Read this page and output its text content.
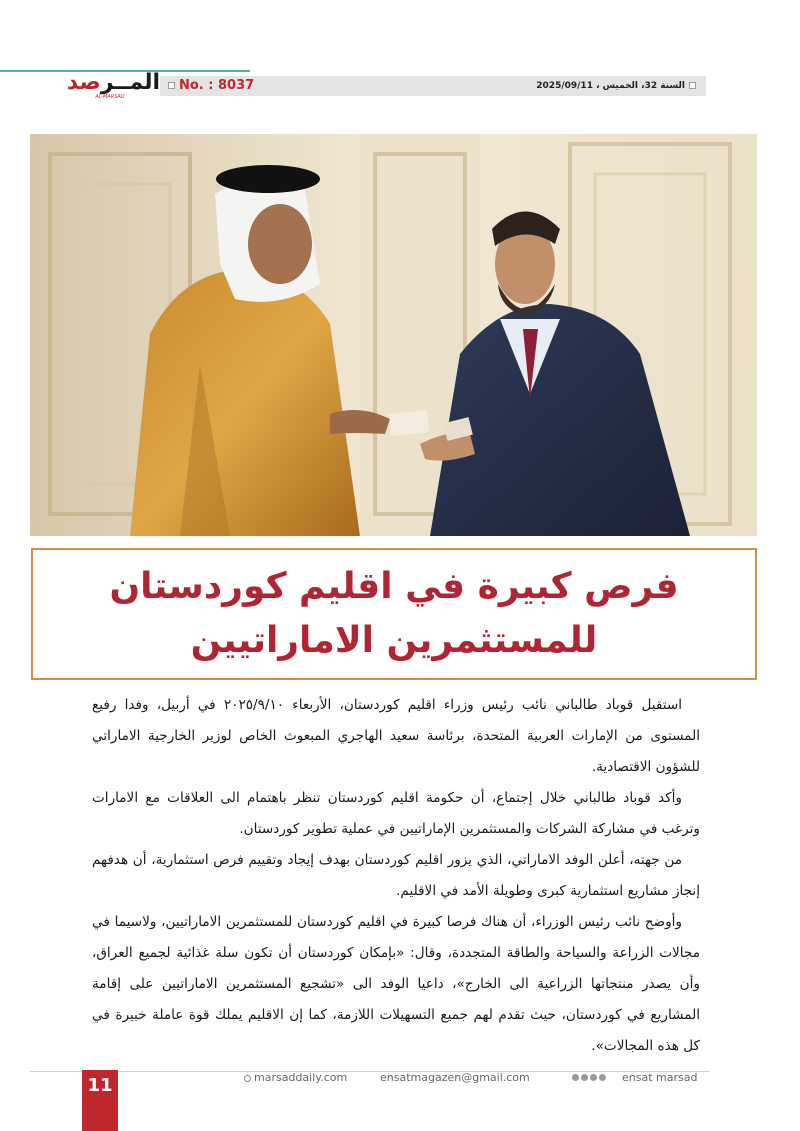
No. : 8037	السنة 32، الخميس ، 2025/09/11
المــرصد
AL-MARSAD
فرص كبيرة في اقليم كوردستان
للمستثمرين الاماراتيين

استقبل قوباد طالباني نائب رئيس وزراء اقليم كوردستان، الأربعاء ٢٠٢٥/٩/١٠ في أربيل، وفدا رفيع المستوى من الإمارات العربية المتحدة، برئاسة سعيد الهاجري المبعوث الخاص لوزير الخارجية الاماراتي للشؤون الاقتصادية.

وأكد قوباد طالباني خلال إجتماع، أن حكومة اقليم كوردستان تنظر باهتمام الى العلاقات مع الامارات وترغب في مشاركة الشركات والمستثمرين الإماراتيين في عملية تطوير كوردستان.

من جهته، أعلن الوفد الاماراتي، الذي يزور اقليم كوردستان بهدف إيجاد وتقييم فرص استثمارية، أن هدفهم إنجاز مشاريع استثمارية كبرى وطويلة الأمد في الاقليم.

وأوضح نائب رئيس الوزراء، أن هناك فرصا كبيرة في اقليم كوردستان للمستثمرين الاماراتيين، ولاسيما في مجالات الزراعة والسياحة والطاقة المتجددة، وقال: «بإمكان كوردستان أن تكون سلة غذائية لجميع العراق، وأن يصدر منتجاتها الزراعية الى الخارج»، داعيا الوفد الى «تشجيع المستثمرين الاماراتيين على إقامة المشاريع في كوردستان، حيث تقدم لهم جميع التسهيلات اللازمة، كما إن الاقليم يملك قوة عاملة خبيرة في كل هذه المجالات».

11	marsaddaily.com	ensatmagazen@gmail.com	ensat marsad
